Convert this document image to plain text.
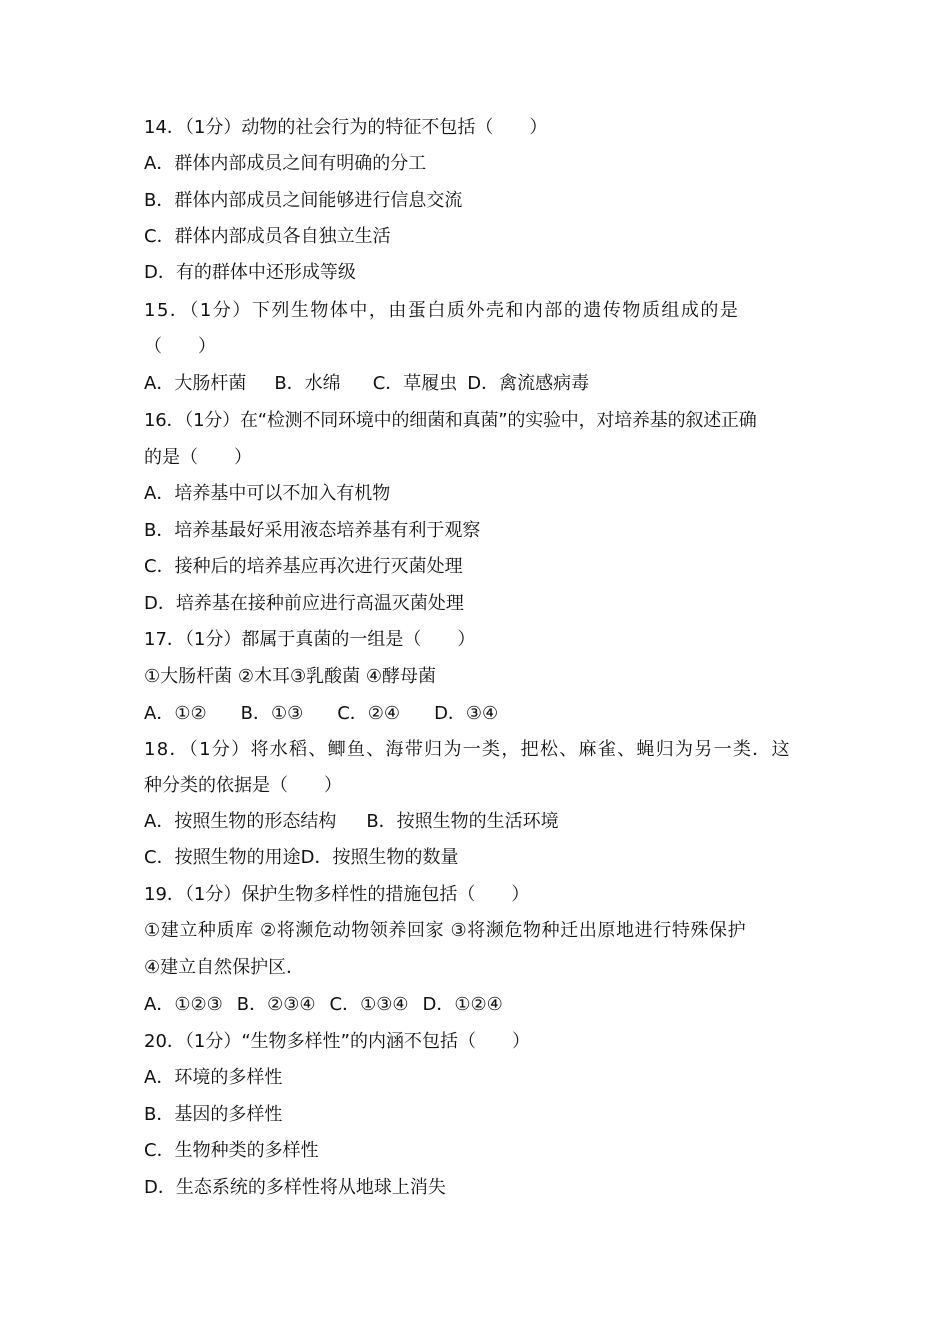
14．（1分）动物的社会行为的特征不包括（　　）
A．群体内部成员之间有明确的分工
B．群体内部成员之间能够进行信息交流
C．群体内部成员各自独立生活
D．有的群体中还形成等级
15．（1分）下列生物体中，由蛋白质外壳和内部的遗传物质组成的是
（　　）
A．大肠杆菌 B．水绵 C．草履虫 D．禽流感病毒
16．（1分）在“检测不同环境中的细菌和真菌”的实验中，对培养基的叙述正确
的是（　　）
A．培养基中可以不加入有机物
B．培养基最好采用液态培养基有利于观察
C．接种后的培养基应再次进行灭菌处理
D．培养基在接种前应进行高温灭菌处理
17．（1分）都属于真菌的一组是（　　）
①大肠杆菌 ②木耳③乳酸菌 ④酵母菌
A．①② B．①③ C．②④ D．③④
18．（1分）将水稻、鲫鱼、海带归为一类，把松、麻雀、蝇归为另一类．这
种分类的依据是（　　）
A．按照生物的形态结构 B．按照生物的生活环境
C．按照生物的用途D．按照生物的数量
19．（1分）保护生物多样性的措施包括（　　）
①建立种质库 ②将濒危动物领养回家 ③将濒危物种迁出原地进行特殊保护
④建立自然保护区．
A．①②③ B．②③④ C．①③④ D．①②④
20．（1分）“生物多样性”的内涵不包括（　　）
A．环境的多样性
B．基因的多样性
C．生物种类的多样性
D．生态系统的多样性将从地球上消失
